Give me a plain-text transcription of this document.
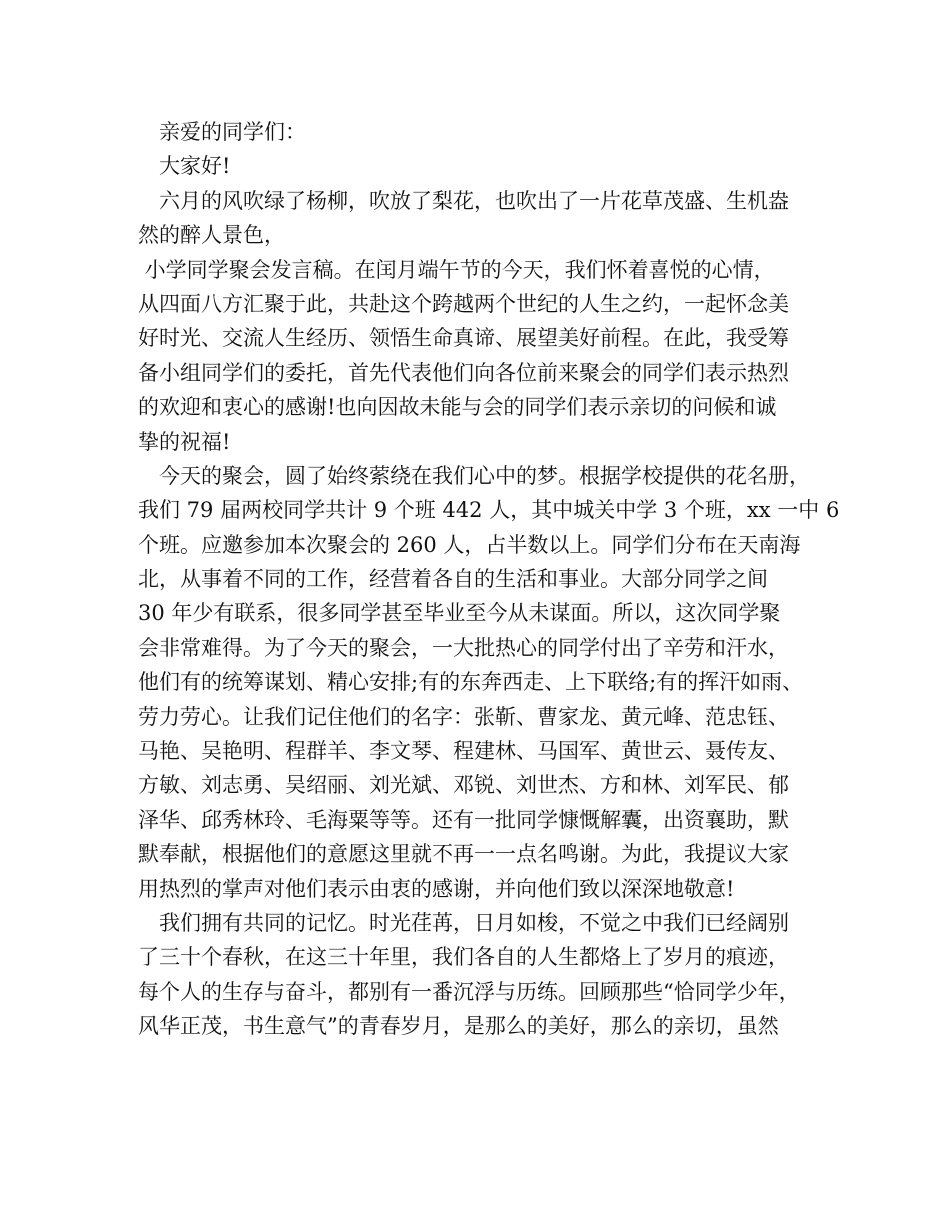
　亲爱的同学们：
　大家好!
　六月的风吹绿了杨柳，吹放了梨花，也吹出了一片花草茂盛、生机盎
然的醉人景色，
小学同学聚会发言稿。在闰月端午节的今天，我们怀着喜悦的心情，
从四面八方汇聚于此，共赴这个跨越两个世纪的人生之约，一起怀念美
好时光、交流人生经历、领悟生命真谛、展望美好前程。在此，我受筹
备小组同学们的委托，首先代表他们向各位前来聚会的同学们表示热烈
的欢迎和衷心的感谢!也向因故未能与会的同学们表示亲切的问候和诚
挚的祝福!
　今天的聚会，圆了始终萦绕在我们心中的梦。根据学校提供的花名册，
我们 79 届两校同学共计 9 个班 442 人，其中城关中学 3 个班，xx 一中 6
个班。应邀参加本次聚会的 260 人，占半数以上。同学们分布在天南海
北，从事着不同的工作，经营着各自的生活和事业。大部分同学之间
30 年少有联系，很多同学甚至毕业至今从未谋面。所以，这次同学聚
会非常难得。为了今天的聚会，一大批热心的同学付出了辛劳和汗水，
他们有的统筹谋划、精心安排;有的东奔西走、上下联络;有的挥汗如雨、
劳力劳心。让我们记住他们的名字：张靳、曹家龙、黄元峰、范忠钰、
马艳、吴艳明、程群羊、李文琴、程建林、马国军、黄世云、聂传友、
方敏、刘志勇、吴绍丽、刘光斌、邓锐、刘世杰、方和林、刘军民、郁
泽华、邱秀林玲、毛海粟等等。还有一批同学慷慨解囊，出资襄助，默
默奉献，根据他们的意愿这里就不再一一点名鸣谢。为此，我提议大家
用热烈的掌声对他们表示由衷的感谢，并向他们致以深深地敬意!
　我们拥有共同的记忆。时光荏苒，日月如梭，不觉之中我们已经阔别
了三十个春秋，在这三十年里，我们各自的人生都烙上了岁月的痕迹，
每个人的生存与奋斗，都别有一番沉浮与历练。回顾那些“恰同学少年，
风华正茂，书生意气”的青春岁月，是那么的美好，那么的亲切，虽然
